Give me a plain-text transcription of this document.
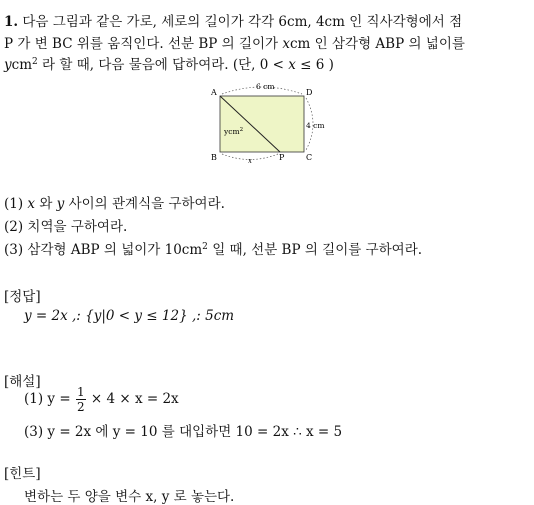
1. 다음 그림과 같은 가로, 세로의 길이가 각각 6cm, 4cm 인 직사각형에서 점
P 가 변 BC 위를 움직인다. 선분 BP 의 길이가 xcm 인 삼각형 ABP 의 넓이를
ycm$^2$ 라 할 때, 다음 물음에 답하여라. (단, 0 < x ≤ 6 )
A	D
B	C
P
6 cm
4 cm
ycm$^2$
x
(1) x 와 y 사이의 관계식을 구하여라.
(2) 치역을 구하여라.
(3) 삼각형 ABP 의 넓이가 $10cm^2$ 일 때, 선분 BP 의 길이를 구하여라.
[정답]
y = 2x ,: {y|0 < y ≤ 12} ,: 5cm
[해설]
(1) $y = \frac{1}{2} \times 4 \times x = 2x$
(3) y = 2x 에 y = 10 를 대입하면 10 = 2x ∴ x = 5
[힌트]
변하는 두 양을 변수 x, y 로 놓는다.
